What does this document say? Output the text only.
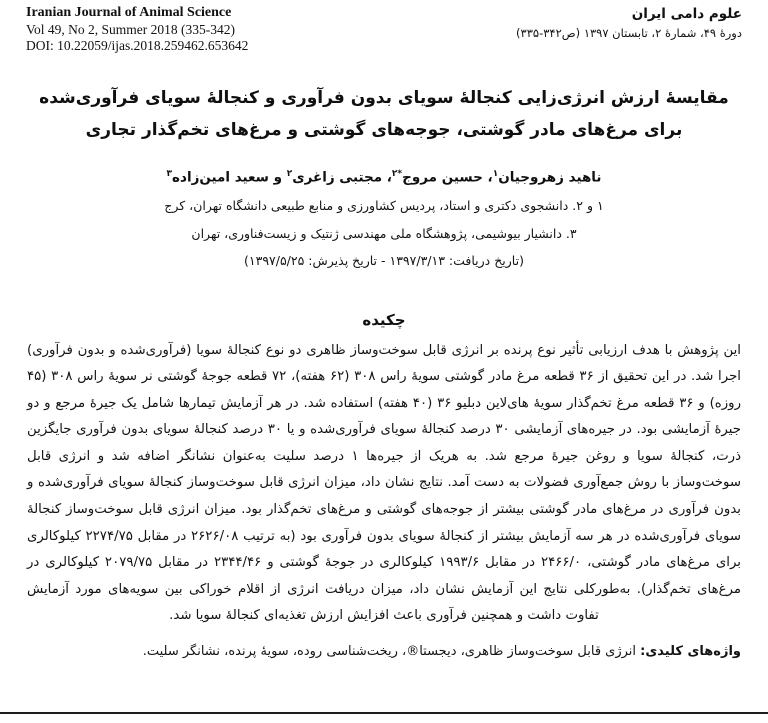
Iranian Journal of Animal Science
Vol 49, No 2, Summer 2018 (335-342)
DOI: 10.22059/ijas.2018.259462.653642
علوم دامی ایران
دورۀ ۴۹، شمارۀ ۲، تابستان ۱۳۹۷ (ص۳۴۲-۳۳۵)
مقایسۀ ارزش انرژی‌زایی کنجالۀ سویای بدون فرآوری و کنجالۀ سویای فرآوری‌شده برای مرغ‌های مادر گوشتی، جوجه‌های گوشتی و مرغ‌های تخم‌گذار تجاری
ناهید زهروجیان$^۱$، حسین مروج$^{*۲}$، مجتبی زاغری$^۲$ و سعید امین‌زاده$^۳$
۱ و ۲. دانشجوی دکتری و استاد، پردیس کشاورزی و منابع طبیعی دانشگاه تهران، کرج
۳. دانشیار بیوشیمی، پژوهشگاه ملی مهندسی ژنتیک و زیست‌فناوری، تهران
(تاریخ دریافت: ۱۳۹۷/۳/۱۳ - تاریخ پذیرش: ۱۳۹۷/۵/۲۵)
چکیده

این پژوهش با هدف ارزیابی تأثیر نوع پرنده بر انرژی قابل سوخت‌وساز ظاهری دو نوع کنجالۀ سویا (فرآوری‌شده و بدون فرآوری) اجرا شد. در این تحقیق از ۳۶ قطعه مرغ مادر گوشتی سویۀ راس ۳۰۸ (۶۲ هفته)، ۷۲ قطعه جوجۀ گوشتی نر سویۀ راس ۳۰۸ (۴۵ روزه) و ۳۶ قطعه مرغ تخم‌گذار سویۀ های‌لاین دبلیو ۳۶ (۴۰ هفته) استفاده شد. در هر آزمایش تیمارها شامل یک جیرۀ مرجع و دو جیرۀ آزمایشی بود. در جیره‌های آزمایشی ۳۰ درصد کنجالۀ سویای فرآوری‌شده و یا ۳۰ درصد کنجالۀ سویای بدون فرآوری جایگزین ذرت، کنجالۀ سویا و روغن جیرۀ مرجع شد. به هریک از جیره‌ها ۱ درصد سلیت به‌عنوان نشانگر اضافه شد و انرژی قابل سوخت‌وساز با روش جمع‌آوری فضولات به دست آمد. نتایج نشان داد، میزان انرژی قابل سوخت‌وساز کنجالۀ سویای فرآوری‌شده و بدون فرآوری در مرغ‌های مادر گوشتی بیشتر از جوجه‌های گوشتی و مرغ‌های تخم‌گذار بود. میزان انرژی قابل سوخت‌وساز کنجالۀ سویای فرآوری‌شده در هر سه آزمایش بیشتر از کنجالۀ سویای بدون فرآوری بود (به ترتیب ۲۶۲۶/۰۸ در مقابل ۲۲۷۴/۷۵ کیلوکالری برای مرغ‌های مادر گوشتی، ۲۴۶۶/۰ در مقابل ۱۹۹۳/۶ کیلوکالری در جوجۀ گوشتی و ۲۳۴۴/۴۶ در مقابل ۲۰۷۹/۷۵ کیلوکالری در مرغ‌های تخم‌گذار). به‌طورکلی نتایج این آزمایش نشان داد، میزان دریافت انرژی از اقلام خوراکی بین سویه‌های مورد آزمایش تفاوت داشت و همچنین فرآوری باعث افزایش ارزش تغذیه‌ای کنجالۀ سویا شد.

واژه‌های کلیدی: انرژی قابل سوخت‌وساز ظاهری، دیجستا®، ریخت‌شناسی روده، سویۀ پرنده، نشانگر سلیت.
